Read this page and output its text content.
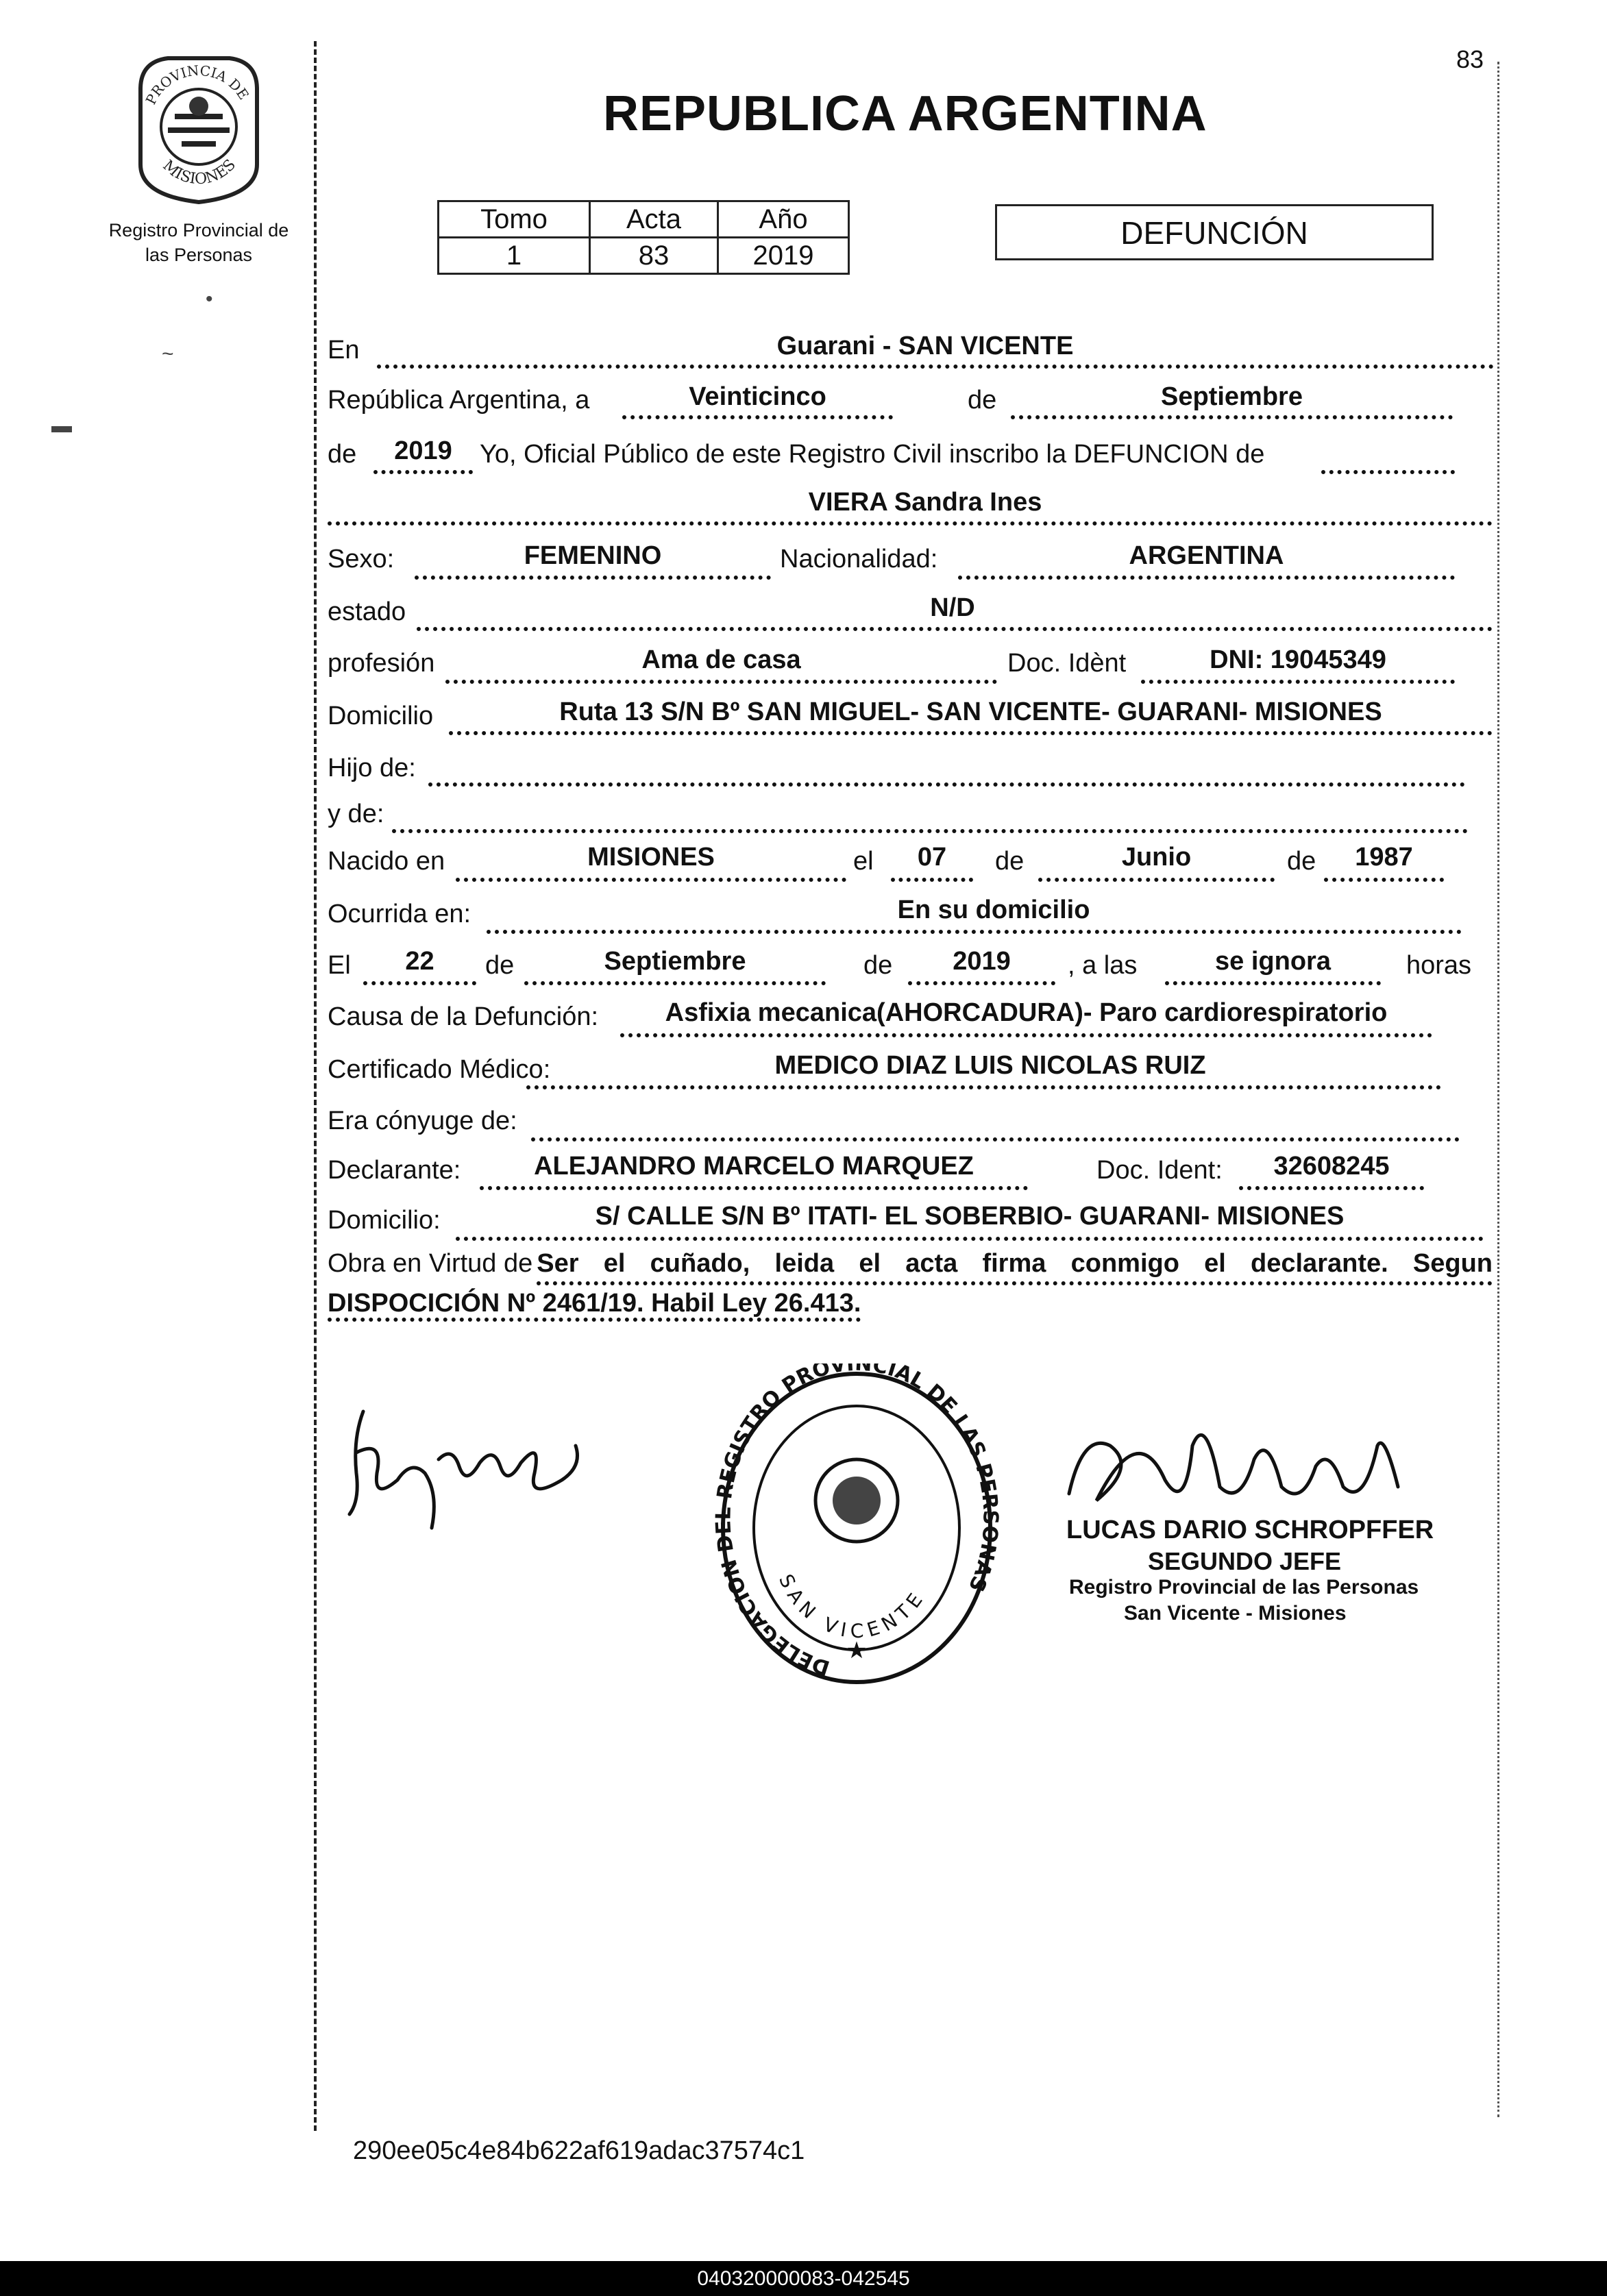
PROVINCIA DE
MISIONES
Registro Provincial de
las Personas
83
REPUBLICA ARGENTINA
Tomo	Acta	Año
1	83	2019
DEFUNCIÓN
En	Guarani - SAN VICENTE
República Argentina, a	Veinticinco	de	Septiembre
de	2019	Yo, Oficial Público de este Registro Civil inscribo la DEFUNCION de
VIERA Sandra Ines
Sexo:	FEMENINO	Nacionalidad:	ARGENTINA
estado	N/D
profesión	Ama de casa	Doc. Idènt	DNI: 19045349
Domicilio	Ruta 13 S/N Bº SAN MIGUEL- SAN VICENTE- GUARANI- MISIONES
Hijo de:
y de:
Nacido en	MISIONES	el	07	de	Junio	de	1987
Ocurrida en:	En su domicilio
El	22	de	Septiembre	de	2019	, a las	se ignora	horas
Causa de la Defunción:	Asfixia mecanica(AHORCADURA)- Paro cardiorespiratorio
Certificado Médico:	MEDICO DIAZ LUIS NICOLAS RUIZ
Era cónyuge de:
Declarante:	ALEJANDRO MARCELO MARQUEZ	Doc. Ident:	32608245
Domicilio:	S/ CALLE S/N Bº ITATI- EL SOBERBIO- GUARANI- MISIONES
Obra en Virtud de Ser el cuñado, leida el acta firma conmigo el declarante. Segun
DISPOCICIÓN Nº 2461/19. Habil Ley 26.413.
DELEGACION DEL REGISTRO PROVINCIAL DE LAS PERSONAS
SAN VICENTE
★
LUCAS DARIO SCHROPFFER
SEGUNDO JEFE
Registro Provincial de las Personas
San Vicente - Misiones
•
~
▬
290ee05c4e84b622af619adac37574c1
040320000083-042545
